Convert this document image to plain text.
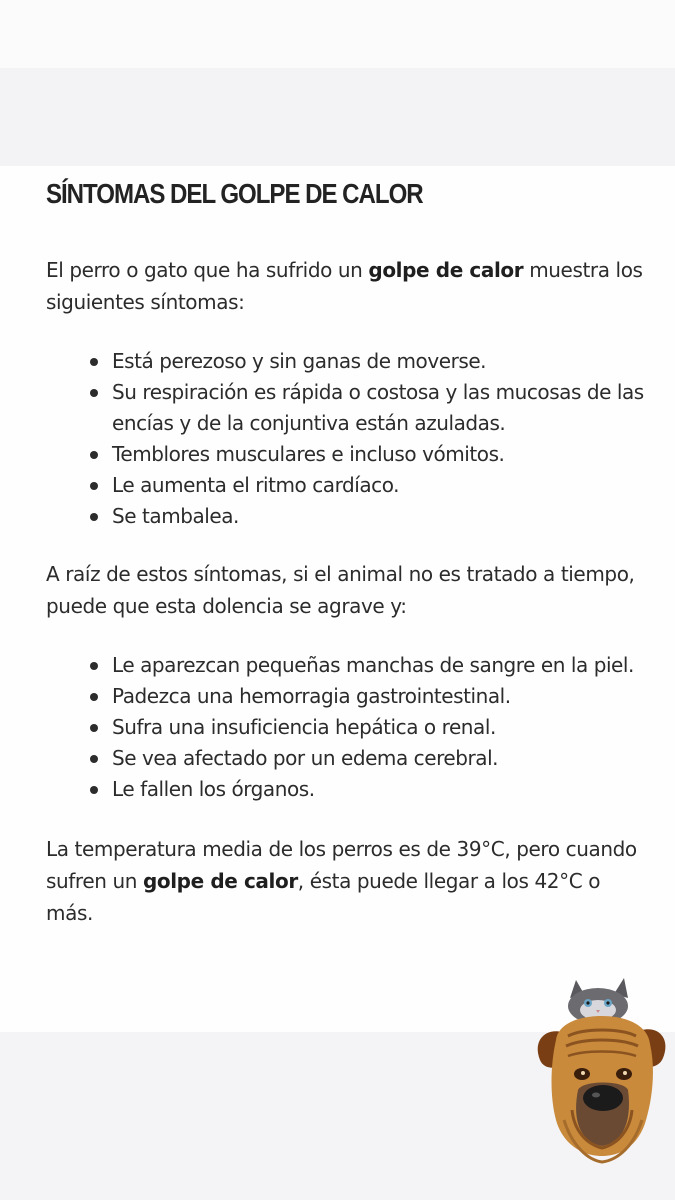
SÍNTOMAS DEL GOLPE DE CALOR

El perro o gato que ha sufrido un golpe de calor muestra los siguientes síntomas:

Está perezoso y sin ganas de moverse.
Su respiración es rápida o costosa y las mucosas de las encías y de la conjuntiva están azuladas.
Temblores musculares e incluso vómitos.
Le aumenta el ritmo cardíaco.
Se tambalea.

A raíz de estos síntomas, si el animal no es tratado a tiempo, puede que esta dolencia se agrave y:

Le aparezcan pequeñas manchas de sangre en la piel.
Padezca una hemorragia gastrointestinal.
Sufra una insuficiencia hepática o renal.
Se vea afectado por un edema cerebral.
Le fallen los órganos.

La temperatura media de los perros es de 39°C, pero cuando sufren un golpe de calor, ésta puede llegar a los 42°C o más.
